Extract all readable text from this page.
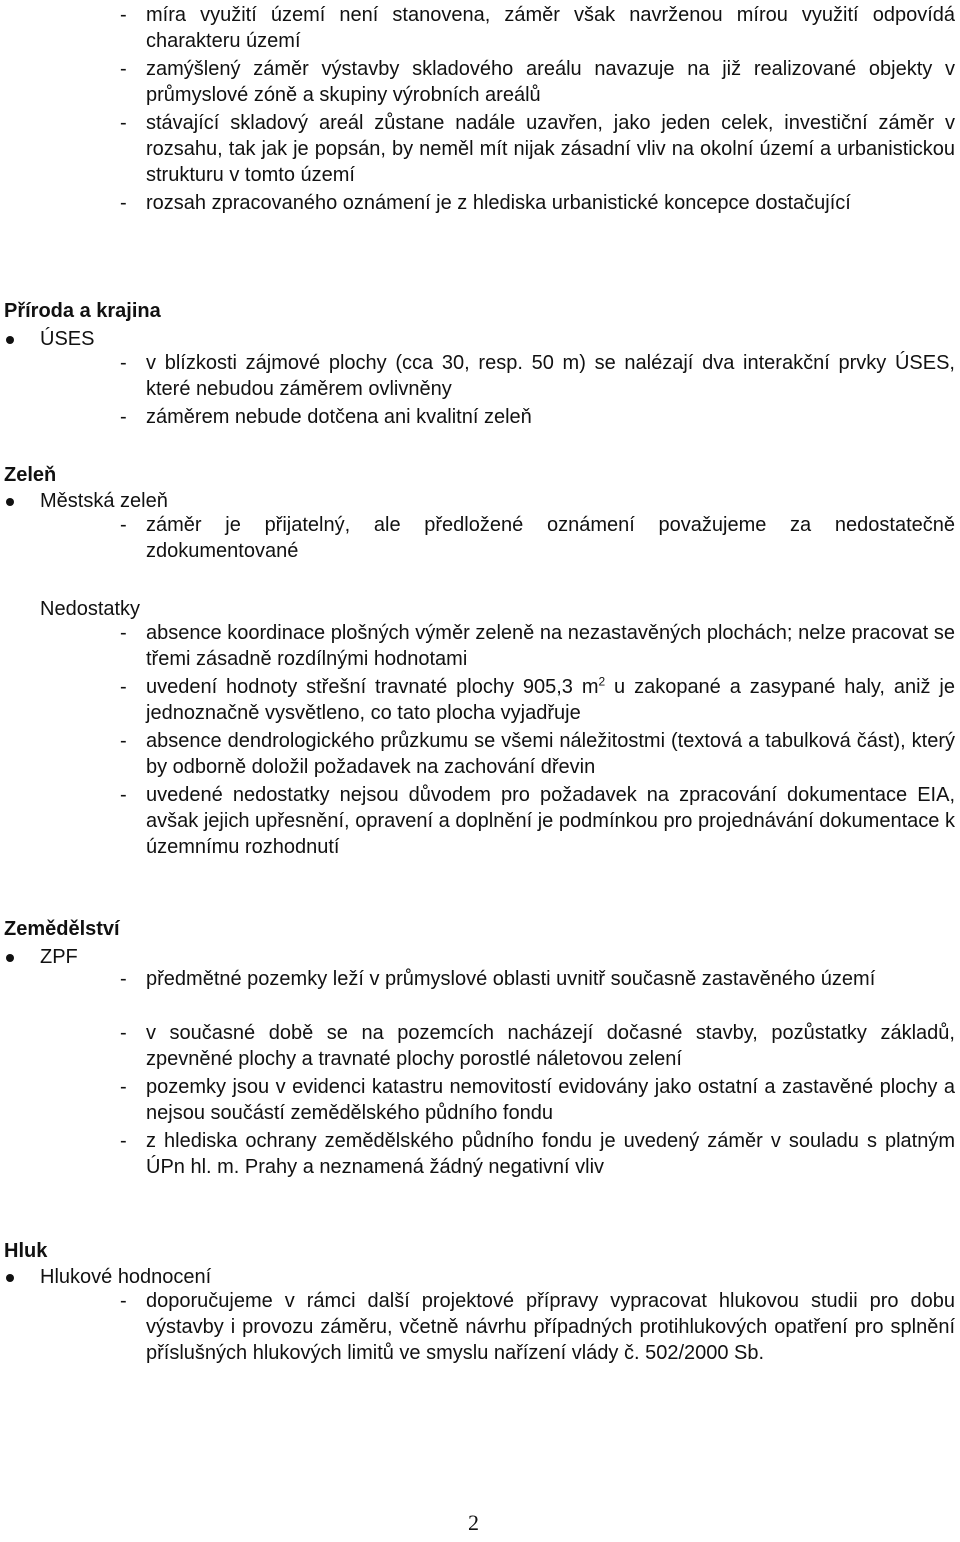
- míra využití území není stanovena, záměr však navrženou mírou využití odpovídá charakteru území
- zamýšlený záměr výstavby skladového areálu navazuje na již realizované objekty v průmyslové zóně a skupiny výrobních areálů
- stávající skladový areál zůstane nadále uzavřen, jako jeden celek, investiční záměr v rozsahu, tak jak je popsán, by neměl mít nijak zásadní vliv na okolní území a urbanistickou strukturu v tomto území
- rozsah zpracovaného oznámení je z hlediska urbanistické koncepce dostačující
Příroda a krajina
ÚSES
- v blízkosti zájmové plochy (cca 30, resp. 50 m) se nalézají dva interakční prvky ÚSES, které nebudou záměrem ovlivněny
- záměrem nebude dotčena ani kvalitní zeleň
Zeleň
Městská zeleň
- záměr je přijatelný, ale předložené oznámení považujeme za nedostatečně zdokumentované
Nedostatky
- absence koordinace plošných výměr zeleně na nezastavěných plochách; nelze pracovat se třemi zásadně rozdílnými hodnotami
- uvedení hodnoty střešní travnaté plochy 905,3 $m^2$ u zakopané a zasypané haly, aniž je jednoznačně vysvětleno, co tato plocha vyjadřuje
- absence dendrologického průzkumu se všemi náležitostmi (textová a tabulková část), který by odborně doložil požadavek na zachování dřevin
- uvedené nedostatky nejsou důvodem pro požadavek na zpracování dokumentace EIA, avšak jejich upřesnění, opravení a doplnění je podmínkou pro projednávání dokumentace k územnímu rozhodnutí
Zemědělství
ZPF
- předmětné pozemky leží v průmyslové oblasti uvnitř současně zastavěného území
- v současné době se na pozemcích nacházejí dočasné stavby, pozůstatky základů, zpevněné plochy a travnaté plochy porostlé náletovou zelení
- pozemky jsou v evidenci katastru nemovitostí evidovány jako ostatní a zastavěné plochy a nejsou součástí zemědělského půdního fondu
- z hlediska ochrany zemědělského půdního fondu je uvedený záměr v souladu s platným ÚPn hl. m. Prahy a neznamená žádný negativní vliv
Hluk
Hlukové hodnocení
- doporučujeme v rámci další projektové přípravy vypracovat hlukovou studii pro dobu výstavby i provozu záměru, včetně návrhu případných protihlukových opatření pro splnění příslušných hlukových limitů ve smyslu nařízení vlády č. 502/2000 Sb.
2
